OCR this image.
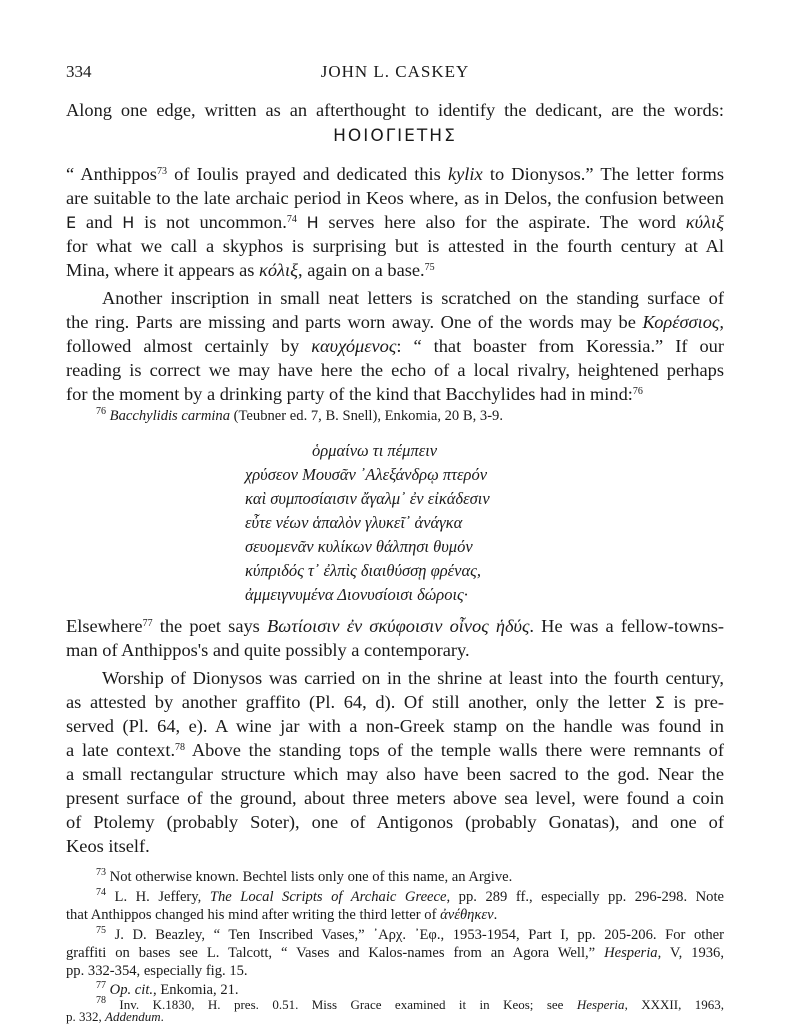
334	JOHN L. CASKEY
Along one edge, written as an afterthought to identify the dedicant, are the words:
ΗΟΙΟΓΙΕΤΗΣ
“ Anthippos$^{73}$ of Ioulis prayed and dedicated this kylix to Dionysos.” The letter forms
are suitable to the late archaic period in Keos where, as in Delos, the confusion between
E and H is not uncommon.$^{74}$ H serves here also for the aspirate. The word κύλιξ
for what we call a skyphos is surprising but is attested in the fourth century at Al
Mina, where it appears as κόλιξ, again on a base.$^{75}$
Another inscription in small neat letters is scratched on the standing surface of
the ring. Parts are missing and parts worn away. One of the words may be Κορέσσιος,
followed almost certainly by καυχόμενος: “ that boaster from Koressia.” If our
reading is correct we may have here the echo of a local rivalry, heightened perhaps
for the moment by a drinking party of the kind that Bacchylides had in mind:$^{76}$
$^{76}$ Bacchylidis carmina (Teubner ed. 7, B. Snell), Enkomia, 20 B, 3-9.
ὁρμαίνω τι πέμπειν
χρύσεον Μουσᾶν ᾿Αλεξάνδρῳ πτερόν
καὶ συμποσίαισιν ἄγαλμ᾿ ἐν εἰκάδεσιν
εὖτε νέων ἁπαλὸν γλυκεῖ᾿ ἀνάγκα
σευομενᾶν κυλίκων θάλπησι θυμόν
κύπριδός τ᾿ ἐλπὶς διαιθύσσῃ φρένας,
ἀμμειγνυμένα Διονυσίοισι δώροις·
Elsewhere$^{77}$ the poet says Βωτίοισιν ἐν σκύφοισιν οἶνος ἡδύς. He was a fellow-towns-
man of Anthippos's and quite possibly a contemporary.
Worship of Dionysos was carried on in the shrine at least into the fourth century,
as attested by another graffito (Pl. 64, d). Of still another, only the letter Σ is pre-
served (Pl. 64, e). A wine jar with a non-Greek stamp on the handle was found in
a late context.$^{78}$ Above the standing tops of the temple walls there were remnants of
a small rectangular structure which may also have been sacred to the god. Near the
present surface of the ground, about three meters above sea level, were found a coin
of Ptolemy (probably Soter), one of Antigonos (probably Gonatas), and one of
Keos itself.
$^{73}$ Not otherwise known. Bechtel lists only one of this name, an Argive.
$^{74}$ L. H. Jeffery, The Local Scripts of Archaic Greece, pp. 289 ff., especially pp. 296-298. Note
that Anthippos changed his mind after writing the third letter of ἀνέθηκεν.
$^{75}$ J. D. Beazley, “ Ten Inscribed Vases,” ᾿Αρχ. ᾿Εφ., 1953-1954, Part I, pp. 205-206. For other
graffiti on bases see L. Talcott, “ Vases and Kalos-names from an Agora Well,” Hesperia, V, 1936,
pp. 332-354, especially fig. 15.
$^{77}$ Op. cit., Enkomia, 21.
$^{78}$ Inv. K.1830, H. pres. 0.51. Miss Grace examined it in Keos; see Hesperia, XXXII, 1963,
p. 332, Addendum.
